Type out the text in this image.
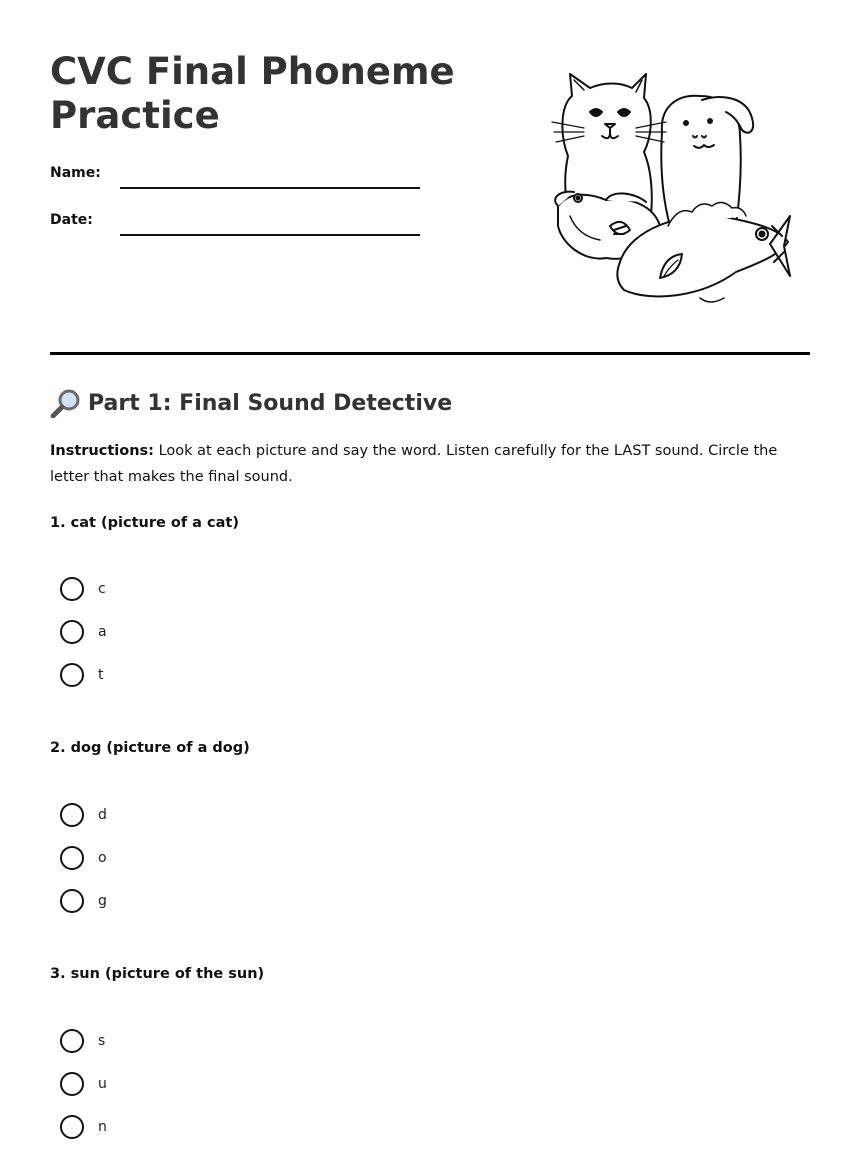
CVC Final Phoneme Practice
Name:
Date:
Part 1: Final Sound Detective
Instructions: Look at each picture and say the word. Listen carefully for the LAST sound. Circle the letter that makes the final sound.
1. cat (picture of a cat)
c
a
t
2. dog (picture of a dog)
d
o
g
3. sun (picture of the sun)
s
u
n
